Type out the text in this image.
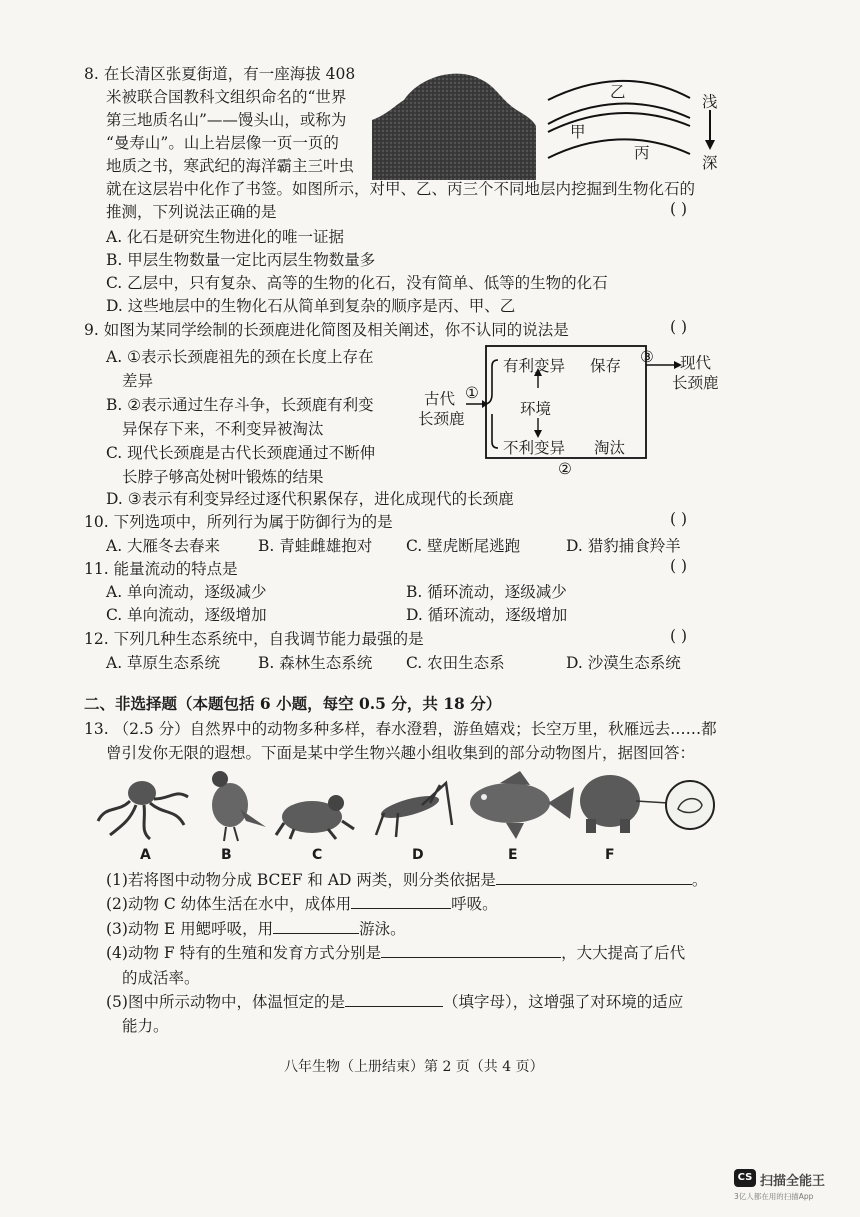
8. 在长清区张夏街道，有一座海拔 408
米被联合国教科文组织命名的“世界
第三地质名山”——馒头山，或称为
“曼寿山”。山上岩层像一页一页的
地质之书，寒武纪的海洋霸主三叶虫
就在这层岩中化作了书签。如图所示，对甲、乙、丙三个不同地层内挖掘到生物化石的
推测，下列说法正确的是	( )
A. 化石是研究生物进化的唯一证据
B. 甲层生物数量一定比丙层生物数量多
C. 乙层中，只有复杂、高等的生物的化石，没有简单、低等的生物的化石
D. 这些地层中的生物化石从简单到复杂的顺序是丙、甲、乙
乙
甲
丙
浅
深
9. 如图为某同学绘制的长颈鹿进化简图及相关阐述，你不认同的说法是	( )
A. ①表示长颈鹿祖先的颈在长度上存在
差异
B. ②表示通过生存斗争，长颈鹿有利变
异保存下来，不利变异被淘汰
C. 现代长颈鹿是古代长颈鹿通过不断伸
长脖子够高处树叶锻炼的结果
D. ③表示有利变异经过逐代积累保存，进化成现代的长颈鹿
古代
长颈鹿
①
有利变异 保存
环境
不利变异 淘汰
②
③ 现代
长颈鹿
10. 下列选项中，所列行为属于防御行为的是	( )
A. 大雁冬去春来 B. 青蛙雌雄抱对 C. 壁虎断尾逃跑	D. 猎豹捕食羚羊
11. 能量流动的特点是	( )
A. 单向流动，逐级减少	B. 循环流动，逐级减少
C. 单向流动，逐级增加	D. 循环流动，逐级增加
12. 下列几种生态系统中，自我调节能力最强的是	( )
A. 草原生态系统 B. 森林生态系统 C. 农田生态系	D. 沙漠生态系统
二、非选择题（本题包括 6 小题，每空 0.5 分，共 18 分）
13. （2.5 分）自然界中的动物多种多样，春水澄碧，游鱼嬉戏；长空万里，秋雁远去……都
曾引发你无限的遐想。下面是某中学生物兴趣小组收集到的部分动物图片，据图回答：
A	B	C	D	E	F
(1)若将图中动物分成 BCEF 和 AD 两类，则分类依据是	。
(2)动物 C 幼体生活在水中，成体用	呼吸。
(3)动物 E 用鳃呼吸，用	游泳。
(4)动物 F 特有的生殖和发育方式分别是	，大大提高了后代
的成活率。
(5)图中所示动物中，体温恒定的是	（填字母），这增强了对环境的适应
能力。
八年生物（上册结束）第 2 页（共 4 页）
CS 扫描全能王
3亿人都在用的扫描App
